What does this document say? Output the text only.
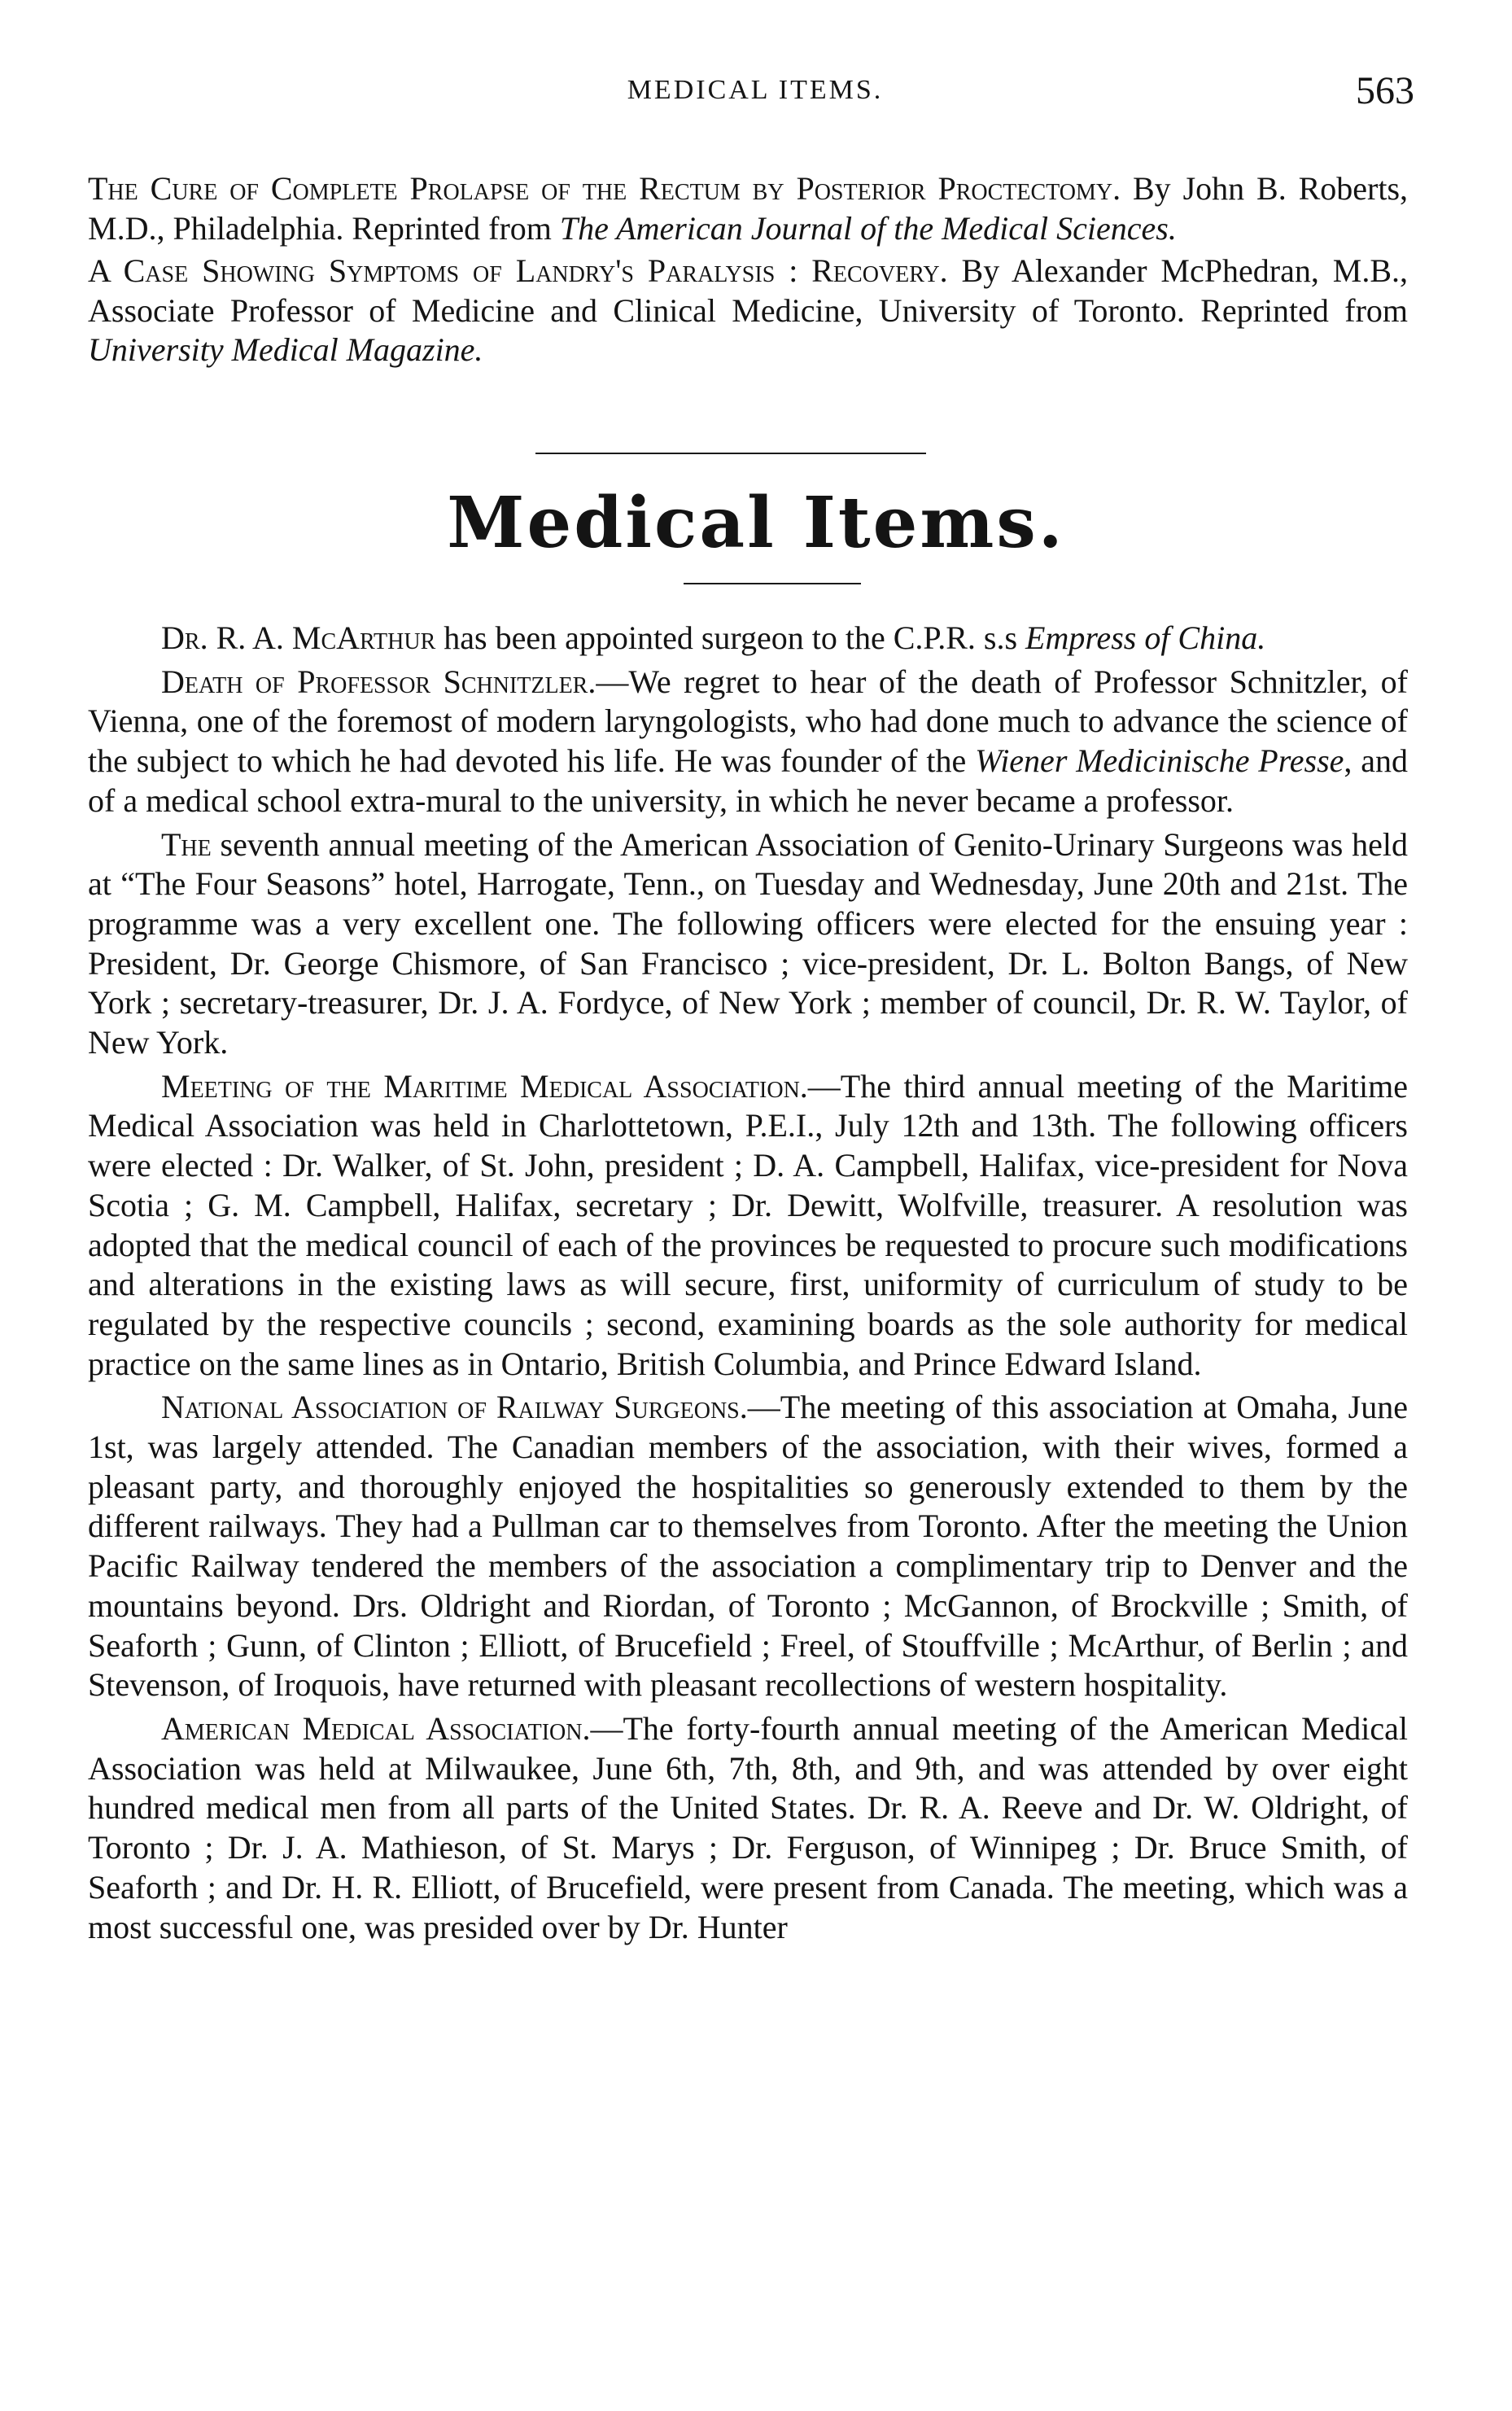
MEDICAL ITEMS.	563

The Cure of Complete Prolapse of the Rectum by Posterior Proctectomy. By John B. Roberts, M.D., Philadelphia. Reprinted from The American Journal of the Medical Sciences.

A Case Showing Symptoms of Landry's Paralysis : Recovery. By Alexander McPhedran, M.B., Associate Professor of Medicine and Clinical Medicine, University of Toronto. Reprinted from University Medical Magazine.

Medical Items.

Dr. R. A. McArthur has been appointed surgeon to the C.P.R. s.s Empress of China.

Death of Professor Schnitzler.—We regret to hear of the death of Professor Schnitzler, of Vienna, one of the foremost of modern laryngologists, who had done much to advance the science of the subject to which he had devoted his life. He was founder of the Wiener Medicinische Presse, and of a medical school extra-mural to the university, in which he never became a professor.

The seventh annual meeting of the American Association of Genito-Urinary Surgeons was held at “The Four Seasons” hotel, Harrogate, Tenn., on Tuesday and Wednesday, June 20th and 21st. The programme was a very excellent one. The following officers were elected for the ensuing year : President, Dr. George Chismore, of San Francisco ; vice-president, Dr. L. Bolton Bangs, of New York ; secretary-treasurer, Dr. J. A. Fordyce, of New York ; member of council, Dr. R. W. Taylor, of New York.

Meeting of the Maritime Medical Association.—The third annual meeting of the Maritime Medical Association was held in Charlottetown, P.E.I., July 12th and 13th. The following officers were elected : Dr. Walker, of St. John, president ; D. A. Campbell, Halifax, vice-president for Nova Scotia ; G. M. Campbell, Halifax, secretary ; Dr. Dewitt, Wolfville, treasurer. A resolution was adopted that the medical council of each of the provinces be requested to procure such modifications and alterations in the existing laws as will secure, first, uniformity of curriculum of study to be regulated by the respective councils ; second, examining boards as the sole authority for medical practice on the same lines as in Ontario, British Columbia, and Prince Edward Island.

National Association of Railway Surgeons.—The meeting of this association at Omaha, June 1st, was largely attended. The Canadian members of the association, with their wives, formed a pleasant party, and thoroughly enjoyed the hospitalities so generously extended to them by the different railways. They had a Pullman car to themselves from Toronto. After the meeting the Union Pacific Railway tendered the members of the association a complimentary trip to Denver and the mountains beyond. Drs. Oldright and Riordan, of Toronto ; McGannon, of Brockville ; Smith, of Seaforth ; Gunn, of Clinton ; Elliott, of Brucefield ; Freel, of Stouffville ; McArthur, of Berlin ; and Stevenson, of Iroquois, have returned with pleasant recollections of western hospitality.

American Medical Association.—The forty-fourth annual meeting of the American Medical Association was held at Milwaukee, June 6th, 7th, 8th, and 9th, and was attended by over eight hundred medical men from all parts of the United States. Dr. R. A. Reeve and Dr. W. Oldright, of Toronto ; Dr. J. A. Mathieson, of St. Marys ; Dr. Ferguson, of Winnipeg ; Dr. Bruce Smith, of Seaforth ; and Dr. H. R. Elliott, of Brucefield, were present from Canada. The meeting, which was a most successful one, was presided over by Dr. Hunter
